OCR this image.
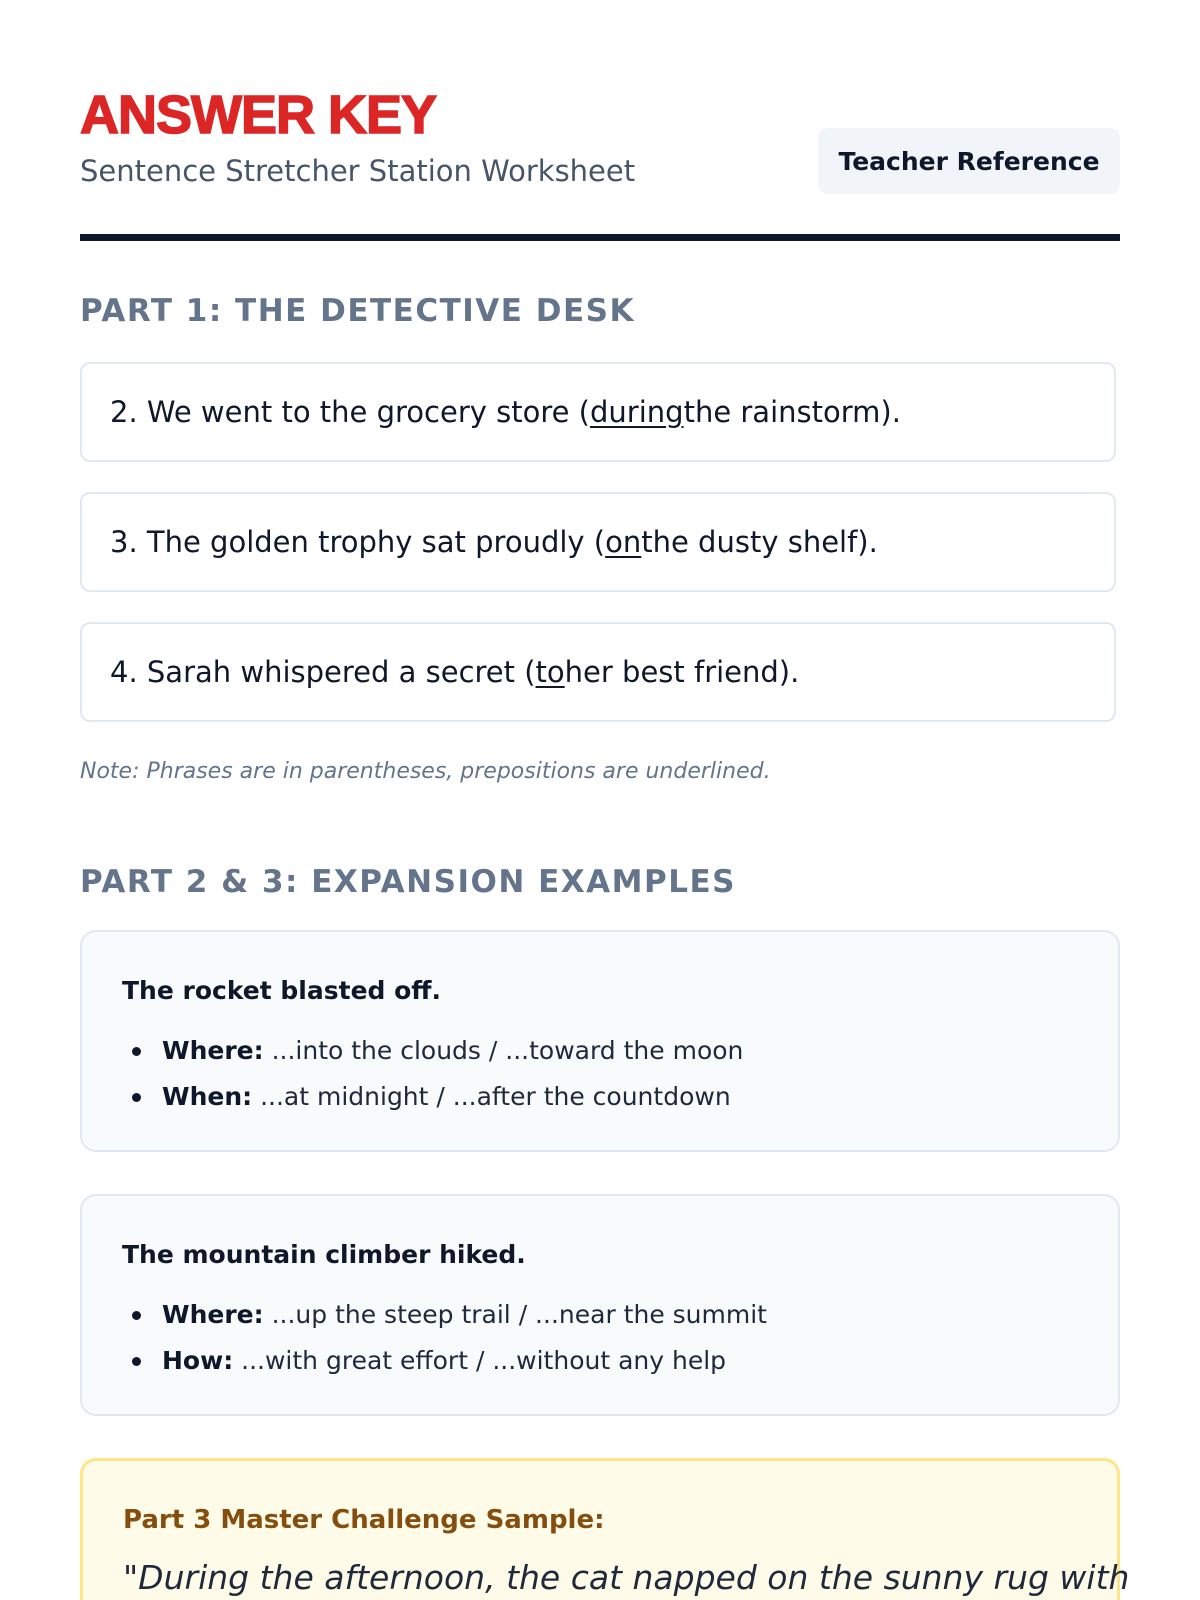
ANSWER KEY
Sentence Stretcher Station Worksheet	Teacher Reference
PART 1: THE DETECTIVE DESK
2. We went to the grocery store ( during the rainstorm).
3. The golden trophy sat proudly ( on the dusty shelf).
4. Sarah whispered a secret ( to her best friend).
Note: Phrases are in parentheses, prepositions are underlined.
PART 2 & 3: EXPANSION EXAMPLES
The rocket blasted off.
Where: ...into the clouds / ...toward the moon
When: ...at midnight / ...after the countdown
The mountain climber hiked.
Where: ...up the steep trail / ...near the summit
How: ...with great effort / ...without any help
Part 3 Master Challenge Sample:
"During the afternoon, the cat napped on the sunny rug with
